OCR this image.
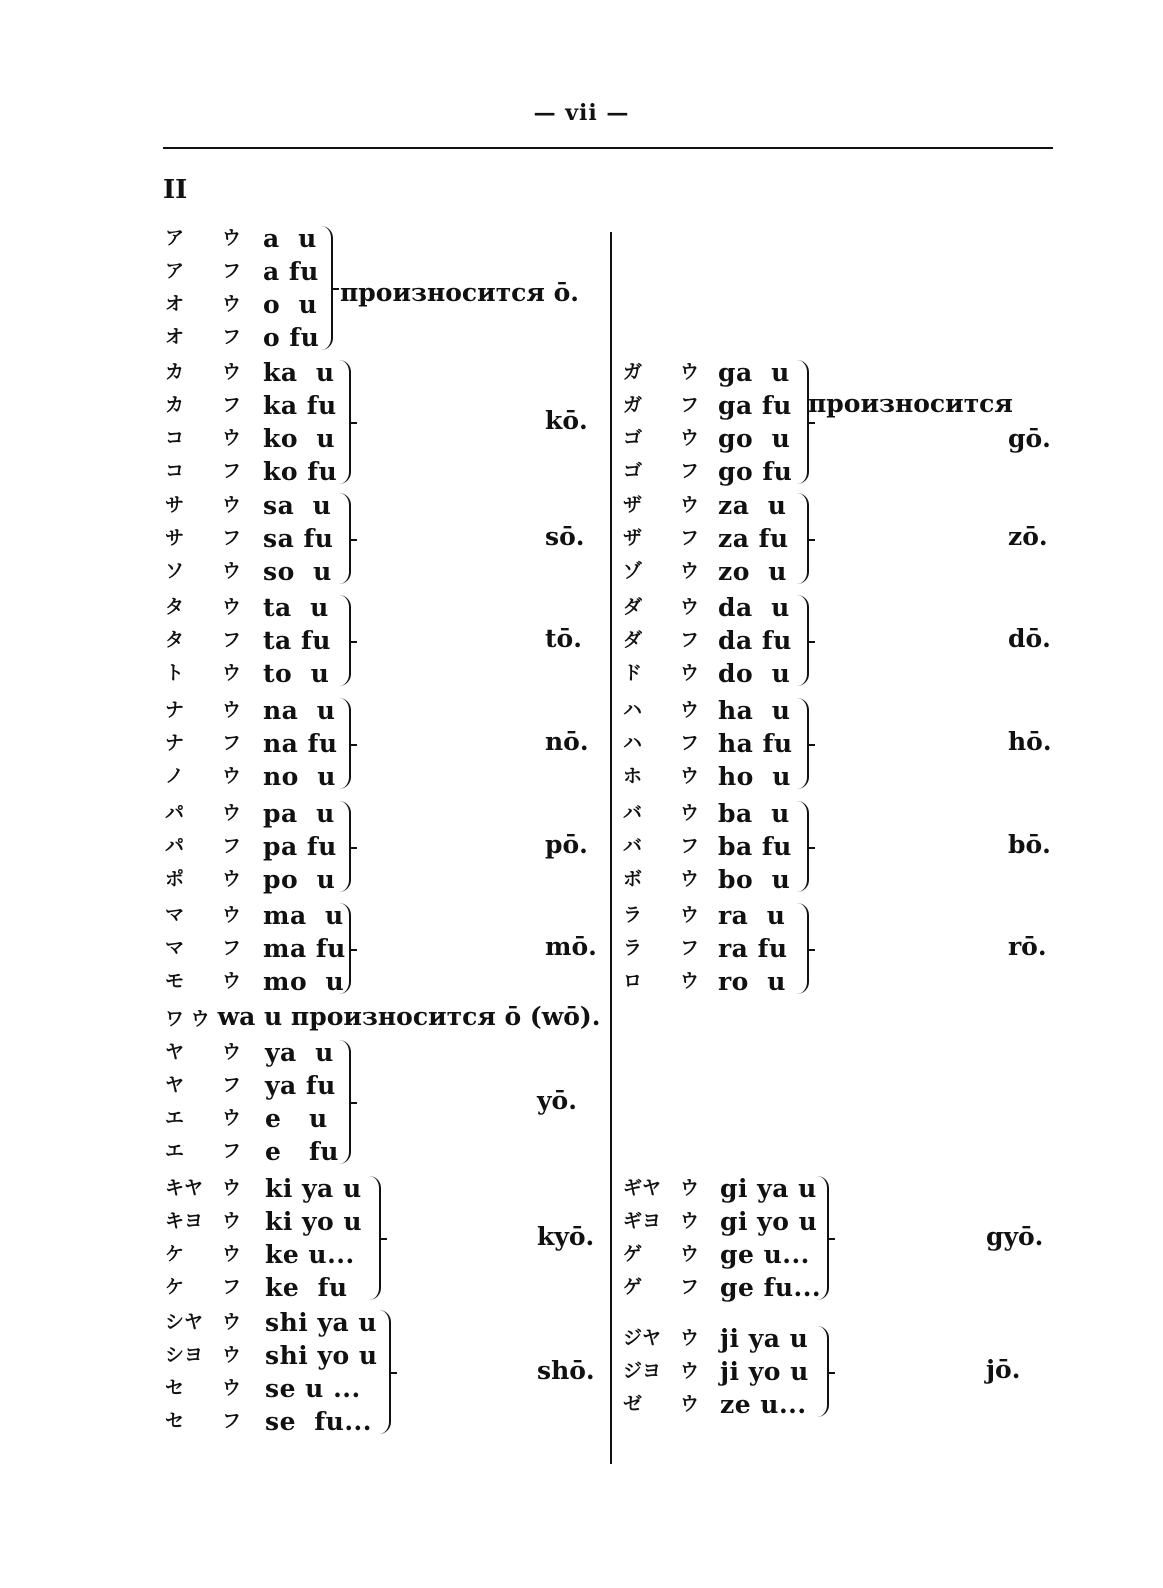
— vii —
II
ア ウ a  u
ア フ a fu
オ ウ o  u
オ フ o fu
произносится ō.
カ ウ ka  u
カ フ ka fu
コ ウ ko  u
コ フ ko fu
kō.
サ ウ sa  u
サ フ sa fu
ソ ウ so  u
sō.
タ ウ ta  u
タ フ ta fu
ト ウ to  u
tō.
ナ ウ na  u
ナ フ na fu
ノ ウ no  u
nō.
パ ウ pa  u
パ フ pa fu
ポ ウ po  u
pō.
マ ウ ma  u
マ フ ma fu
モ ウ mo  u
mō.
ワ ウ wa u произносится ō (wō).
ヤ ウ ya  u
ヤ フ ya fu
エ ウ e   u
エ フ e   fu
yō.
キヤ ウ ki ya u
キヨ ウ ki yo u
ケ ウ ke u...
ケ フ ke  fu
kyō.
シヤ ウ shi ya u
シヨ ウ shi yo u
セ ウ se u ...
セ フ se  fu...
shō.
ガ ウ ga  u
ガ フ ga fu
ゴ ウ go  u
ゴ フ go fu
gō.
ザ ウ za  u
ザ フ za fu
ゾ ウ zo  u
zō.
ダ ウ da  u
ダ フ da fu
ド ウ do  u
dō.
ハ ウ ha  u
ハ フ ha fu
ホ ウ ho  u
hō.
バ ウ ba  u
バ フ ba fu
ボ ウ bo  u
bō.
ラ ウ ra  u
ラ フ ra fu
ロ ウ ro  u
rō.
произносится
ギヤ ウ gi ya u
ギヨ ウ gi yo u
ゲ ウ ge u...
ゲ フ ge fu...
gyō.
ジヤ ウ ji ya u
ジヨ ウ ji yo u
ゼ ウ ze u...
jō.
